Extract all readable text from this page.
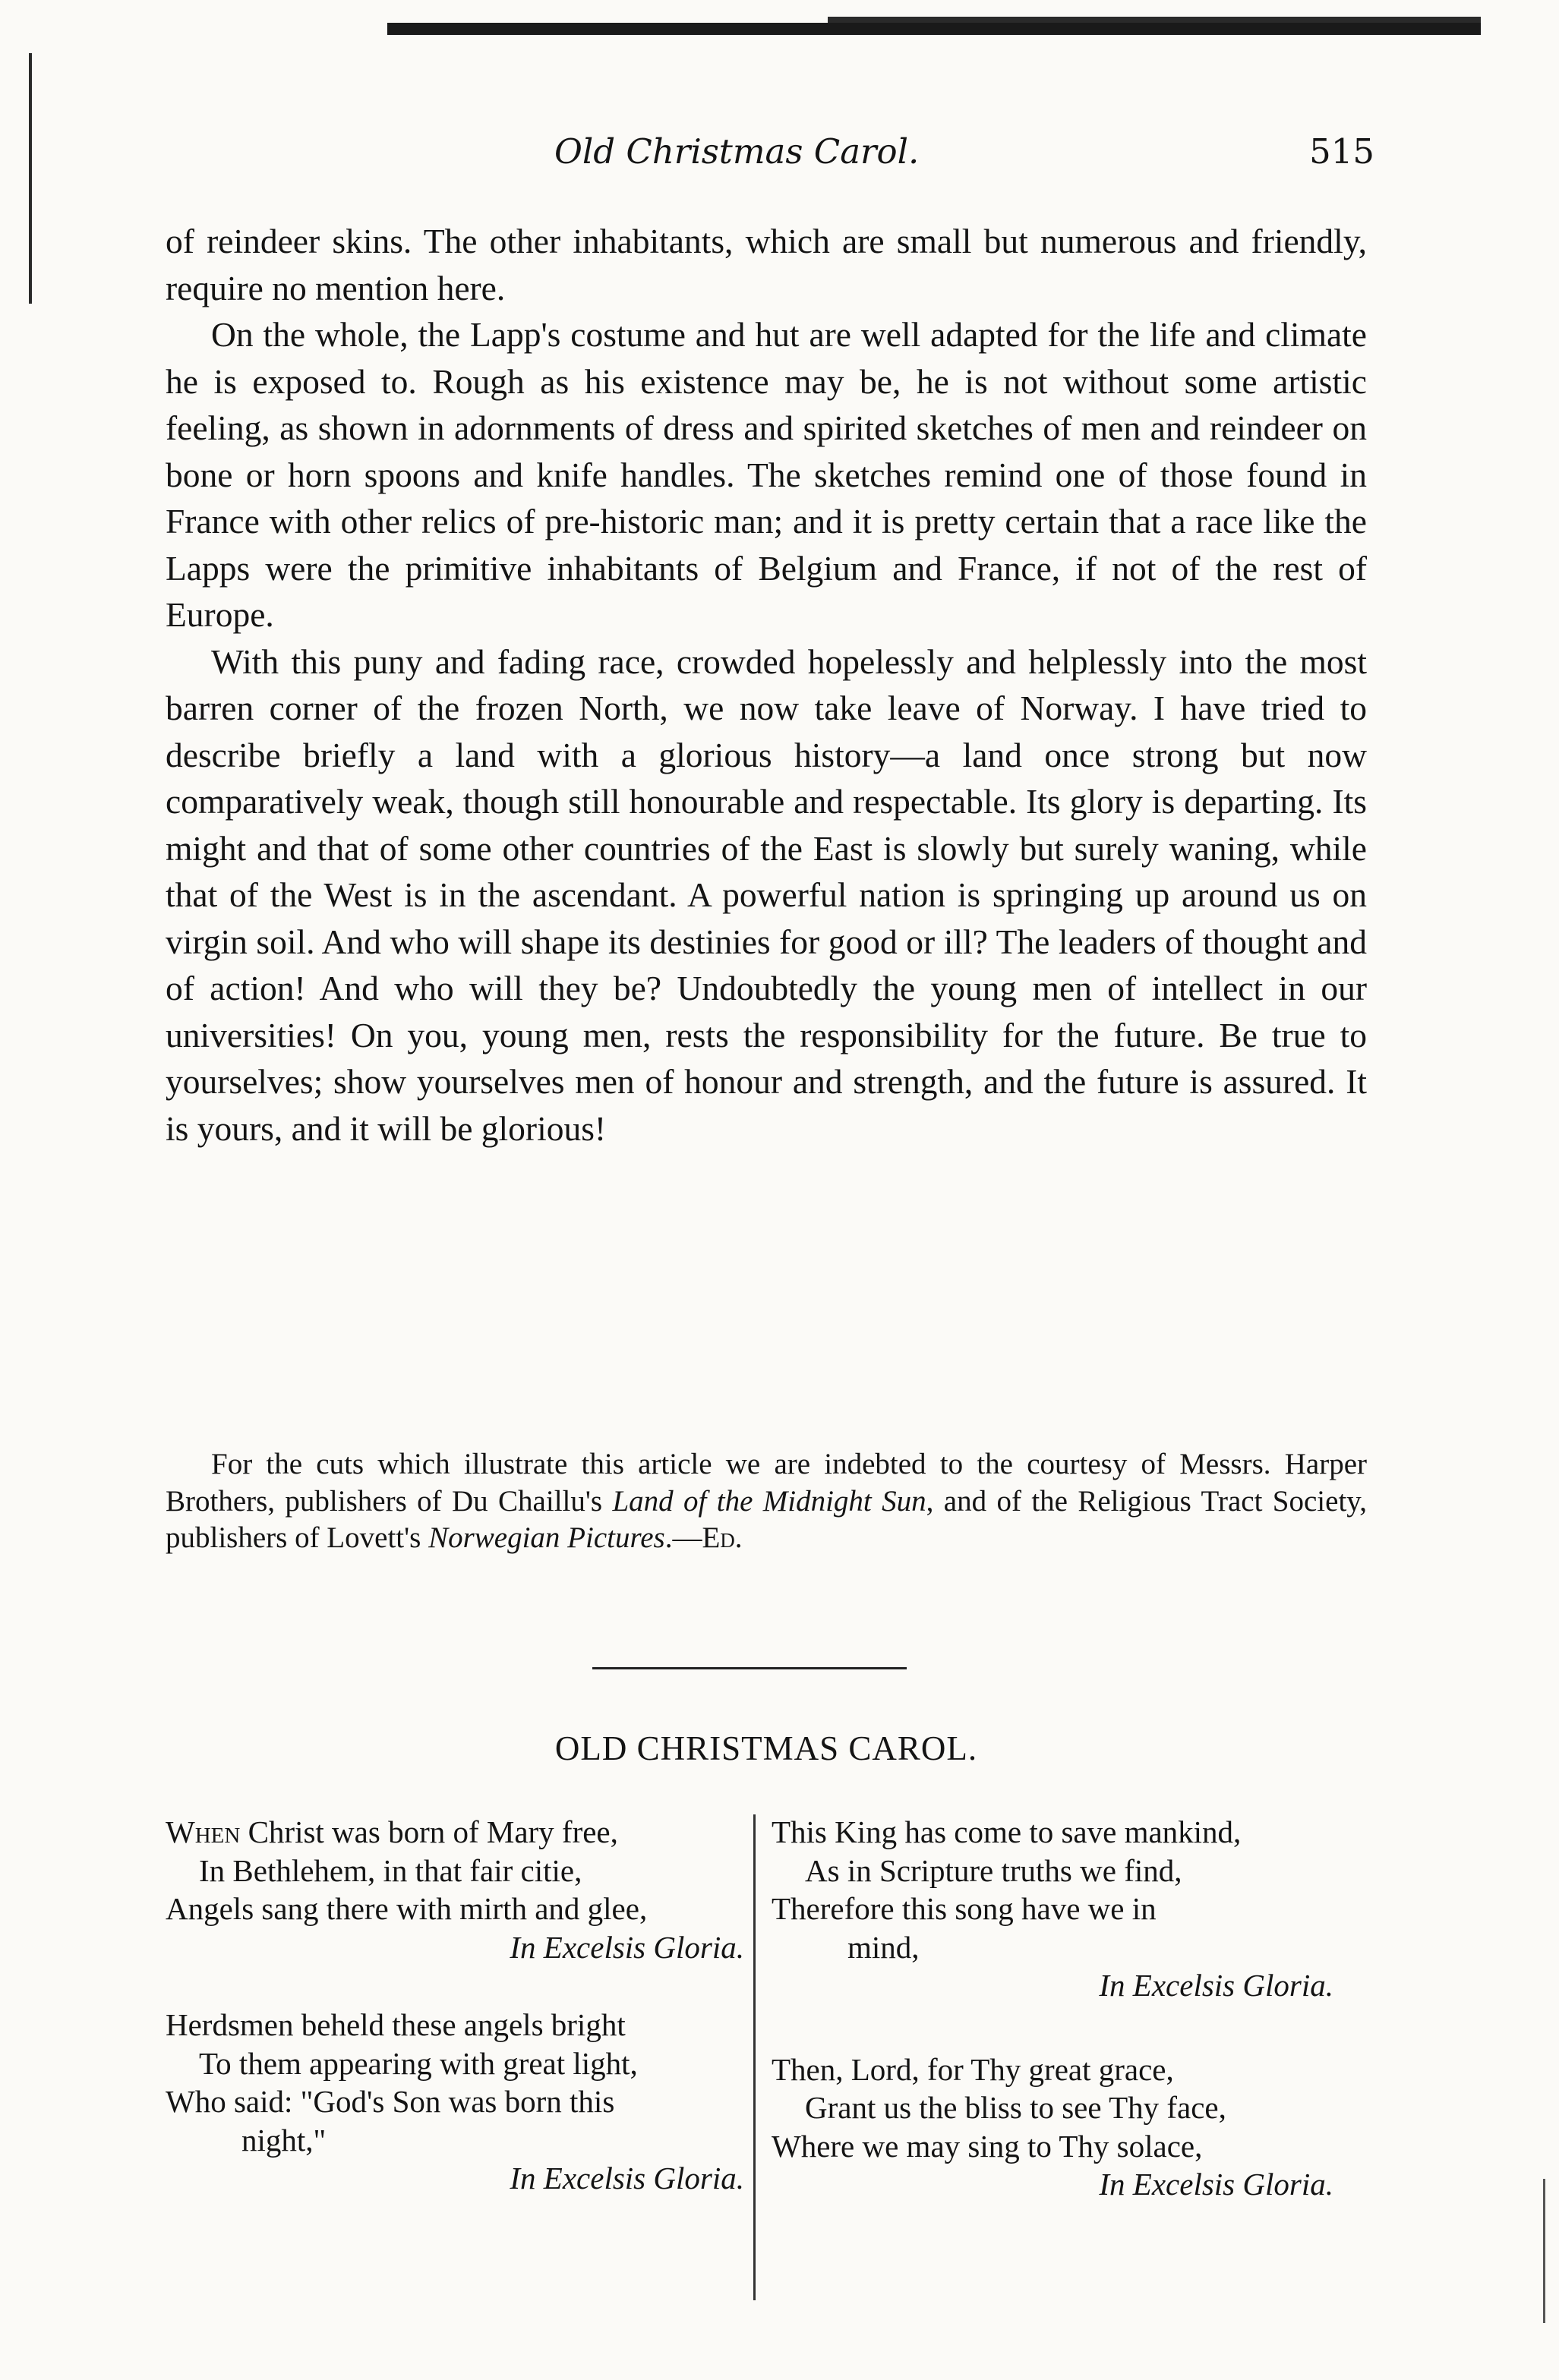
Old Christmas Carol.	515

of reindeer skins. The other inhabitants, which are small but numerous and friendly, require no mention here.

On the whole, the Lapp's costume and hut are well adapted for the life and climate he is exposed to. Rough as his existence may be, he is not without some artistic feeling, as shown in adornments of dress and spirited sketches of men and reindeer on bone or horn spoons and knife handles. The sketches remind one of those found in France with other relics of pre-historic man; and it is pretty certain that a race like the Lapps were the primitive inhabitants of Belgium and France, if not of the rest of Europe.

With this puny and fading race, crowded hopelessly and helplessly into the most barren corner of the frozen North, we now take leave of Norway. I have tried to describe briefly a land with a glorious history—a land once strong but now comparatively weak, though still honourable and respectable. Its glory is departing. Its might and that of some other countries of the East is slowly but surely waning, while that of the West is in the ascendant. A powerful nation is springing up around us on virgin soil. And who will shape its destinies for good or ill? The leaders of thought and of action! And who will they be? Undoubtedly the young men of intellect in our universities! On you, young men, rests the responsibility for the future. Be true to yourselves; show yourselves men of honour and strength, and the future is assured. It is yours, and it will be glorious!

For the cuts which illustrate this article we are indebted to the courtesy of Messrs. Harper Brothers, publishers of Du Chaillu's Land of the Midnight Sun, and of the Religious Tract Society, publishers of Lovett's Norwegian Pictures.—Ed.
OLD CHRISTMAS CAROL.
When Christ was born of Mary free,
In Bethlehem, in that fair citie,
Angels sang there with mirth and glee,
In Excelsis Gloria.
Herdsmen beheld these angels bright
To them appearing with great light,
Who said: "God's Son was born this
night,"
In Excelsis Gloria.
This King has come to save mankind,
As in Scripture truths we find,
Therefore this song have we in
mind,
In Excelsis Gloria.
Then, Lord, for Thy great grace,
Grant us the bliss to see Thy face,
Where we may sing to Thy solace,
In Excelsis Gloria.
